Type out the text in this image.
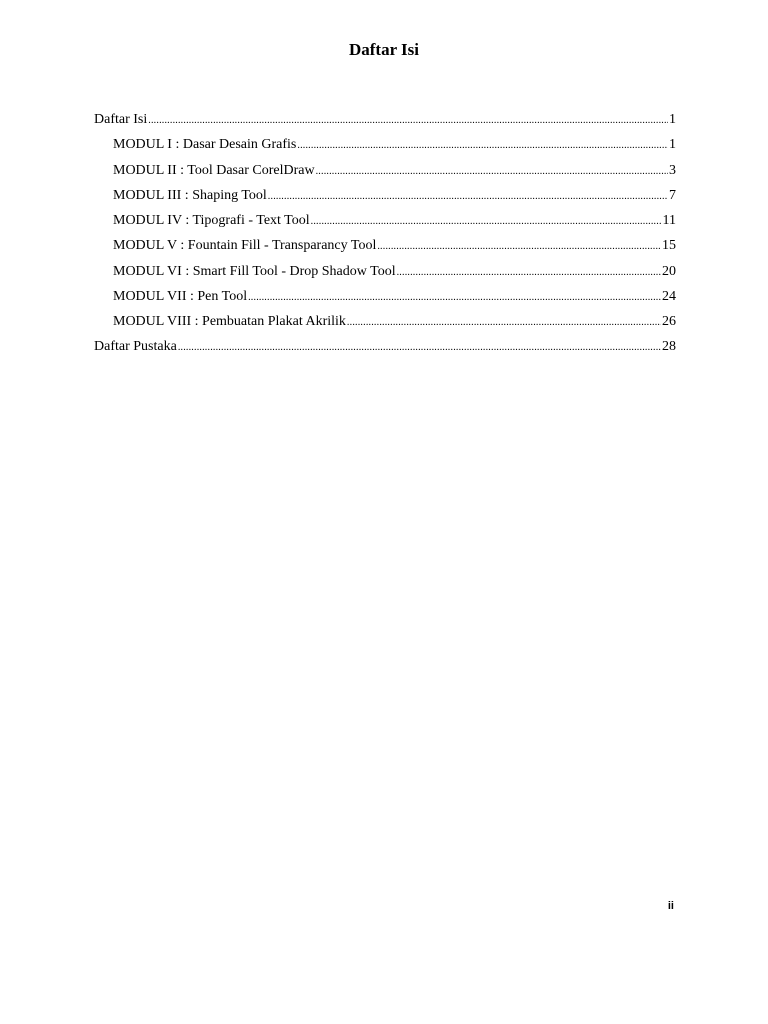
Daftar Isi
Daftar Isi .....	1
MODUL I : Dasar Desain Grafis .....	1
MODUL II : Tool Dasar CorelDraw .....	3
MODUL III : Shaping Tool .....	7
MODUL IV : Tipografi - Text Tool .....	11
MODUL V : Fountain Fill - Transparancy Tool .....	15
MODUL VI : Smart Fill Tool - Drop Shadow Tool .....	20
MODUL VII : Pen Tool .....	24
MODUL VIII : Pembuatan Plakat Akrilik .....	26
Daftar Pustaka .....	28
ii
